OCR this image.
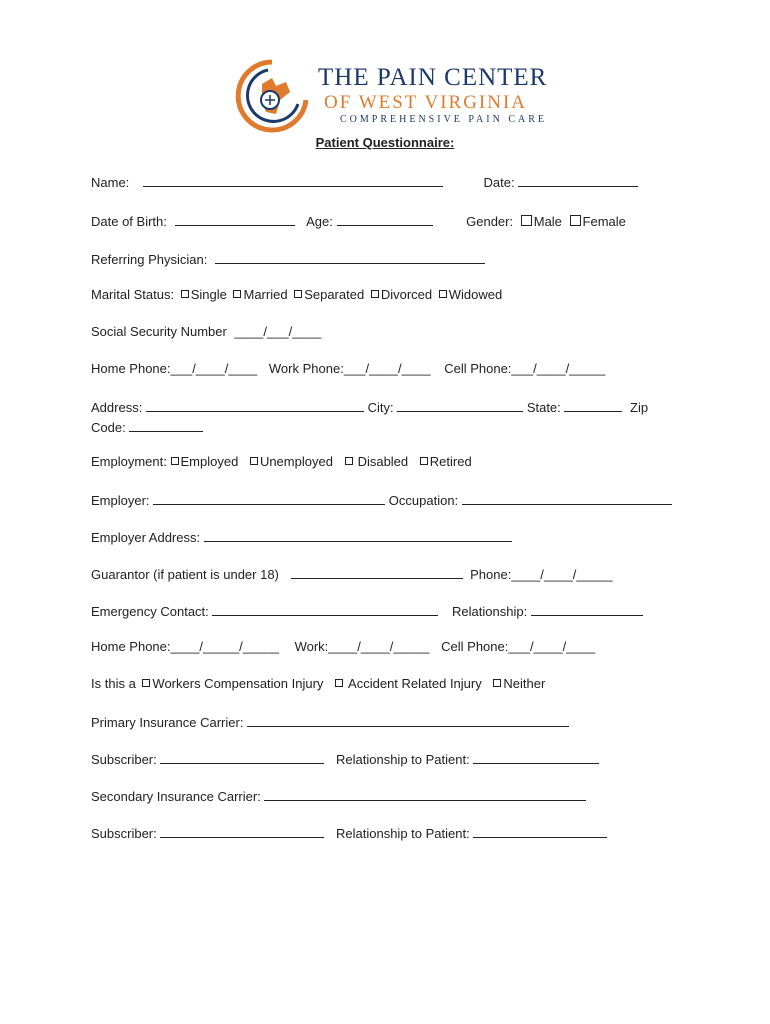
THE PAIN CENTER
OF WEST VIRGINIA
COMPREHENSIVE PAIN CARE
Patient Questionnaire:
Name:	Date:
Date of Birth:	Age:	Gender: Male Female
Referring Physician:
Marital Status: Single Married Separated Divorced Widowed
Social Security Number ____/___/____
Home Phone:___/____/____ Work Phone:___/____/____ Cell Phone:___/____/_____
Address:	City:	State:	Zip
Code:
Employment: Employed Unemployed Disabled Retired
Employer:	Occupation:
Employer Address:
Guarantor (if patient is under 18)	Phone:____/____/_____
Emergency Contact:	Relationship:
Home Phone:____/_____/_____ Work:____/____/_____ Cell Phone:___/____/____
Is this a Workers Compensation Injury Accident Related Injury Neither
Primary Insurance Carrier:
Subscriber:	Relationship to Patient:
Secondary Insurance Carrier:
Subscriber:	Relationship to Patient:
